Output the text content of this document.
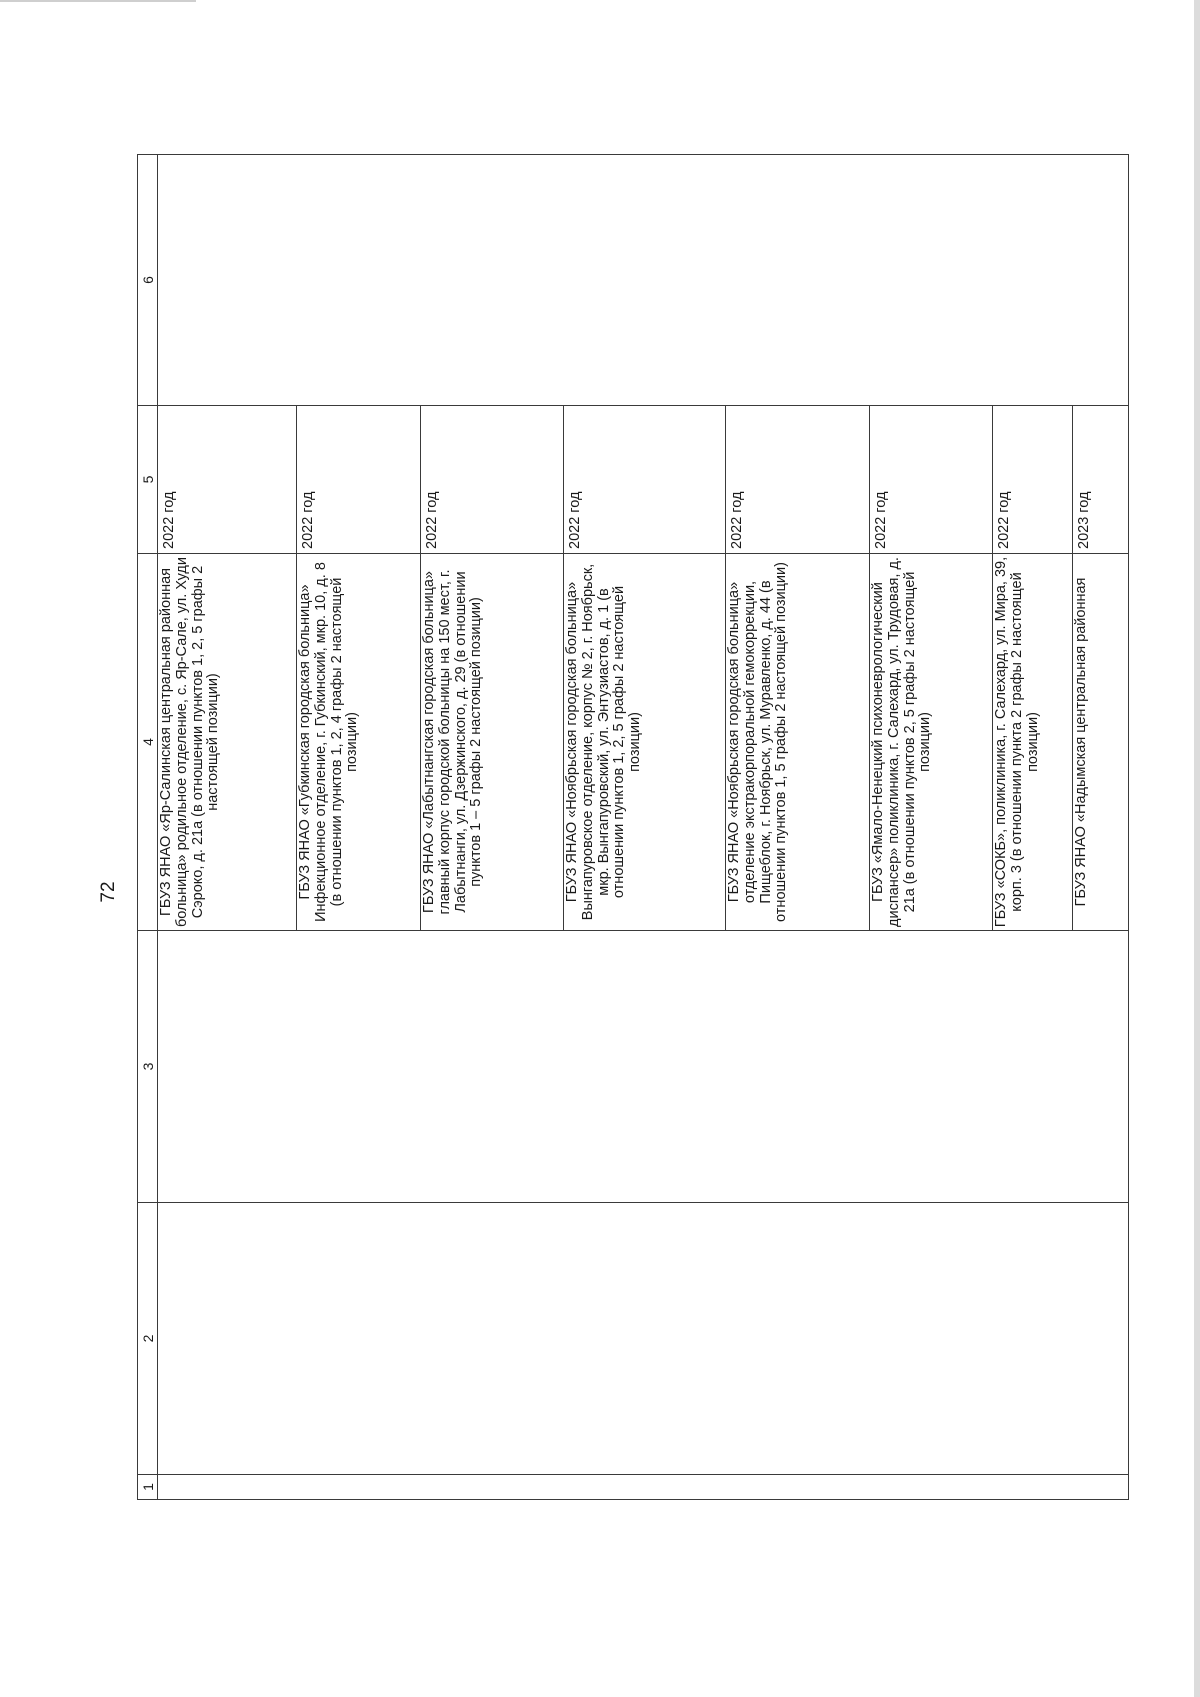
72
1	2	3	4	5	6
			ГБУЗ ЯНАО «Яр-Салинская центральная районная больница» родильное отделение, с. Яр-Сале, ул. Худи Сэроко, д. 21а (в отношении пунктов 1, 2, 5 графы 2 настоящей позиции)	2022 год	
			ГБУЗ ЯНАО «Губкинская городская больница» Инфекционное отделение, г. Губкинский, мкр. 10, д. 8 (в отношении пунктов 1, 2, 4 графы 2 настоящей позиции)	2022 год	
			ГБУЗ ЯНАО «Лабытнангская городская больница» главный корпус городской больницы на 150 мест, г. Лабытнанги, ул. Дзержинского, д. 29 (в отношении пунктов 1 – 5 графы 2 настоящей позиции)	2022 год	
			ГБУЗ ЯНАО «Ноябрьская городская больница» Вынгапуровское отделение, корпус № 2, г. Ноябрьск, мкр. Вынгапуровский, ул. Энтузиастов, д. 1 (в отношении пунктов 1, 2, 5 графы 2 настоящей позиции)	2022 год	
			ГБУЗ ЯНАО «Ноябрьская городская больница» отделение экстракорпоральной гемокоррекции, Пищеблок, г. Ноябрьск, ул. Муравленко, д. 44 (в отношении пунктов 1, 5 графы 2 настоящей позиции)	2022 год	
			ГБУЗ «Ямало-Ненецкий психоневрологический диспансер» поликлиника, г. Салехард, ул. Трудовая, д. 21а (в отношении пунктов 2, 5 графы 2 настоящей позиции)	2022 год	
			ГБУЗ «СОКБ», поликлиника, г. Салехард, ул. Мира, 39, корп. 3 (в отношении пункта 2 графы 2 настоящей позиции)	2022 год	
			ГБУЗ ЯНАО «Надымская центральная районная	2023 год	
